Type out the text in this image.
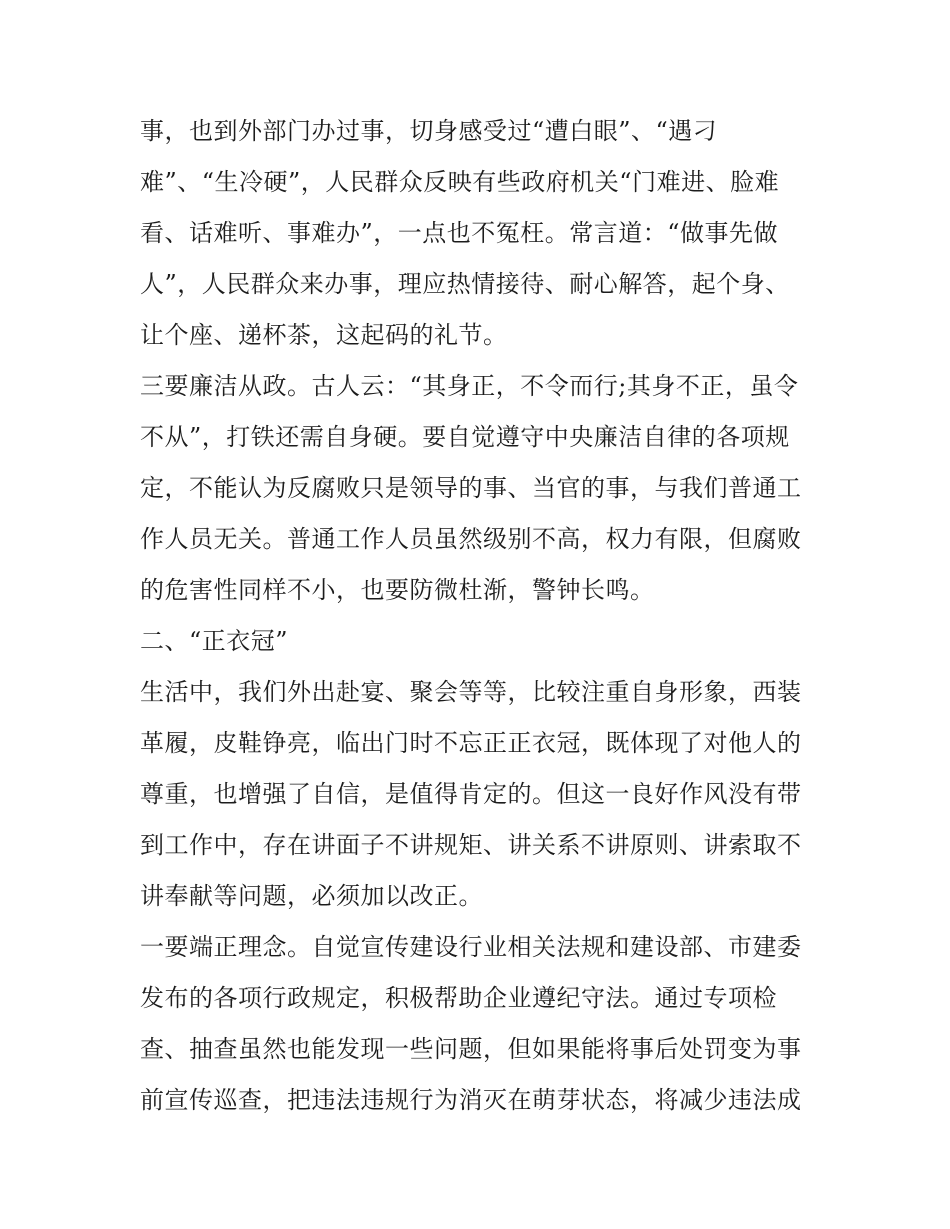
事，也到外部门办过事，切身感受过“遭白眼”、“遇刁
难”、“生冷硬”，人民群众反映有些政府机关“门难进、脸难
看、话难听、事难办”，一点也不冤枉。常言道：“做事先做
人”，人民群众来办事，理应热情接待、耐心解答，起个身、
让个座、递杯茶，这起码的礼节。
三要廉洁从政。古人云：“其身正，不令而行;其身不正，虽令
不从”，打铁还需自身硬。要自觉遵守中央廉洁自律的各项规
定，不能认为反腐败只是领导的事、当官的事，与我们普通工
作人员无关。普通工作人员虽然级别不高，权力有限，但腐败
的危害性同样不小，也要防微杜渐，警钟长鸣。
二、“正衣冠”
生活中，我们外出赴宴、聚会等等，比较注重自身形象，西装
革履，皮鞋铮亮，临出门时不忘正正衣冠，既体现了对他人的
尊重，也增强了自信，是值得肯定的。但这一良好作风没有带
到工作中，存在讲面子不讲规矩、讲关系不讲原则、讲索取不
讲奉献等问题，必须加以改正。
一要端正理念。自觉宣传建设行业相关法规和建设部、市建委
发布的各项行政规定，积极帮助企业遵纪守法。通过专项检
查、抽查虽然也能发现一些问题，但如果能将事后处罚变为事
前宣传巡查，把违法违规行为消灭在萌芽状态，将减少违法成
